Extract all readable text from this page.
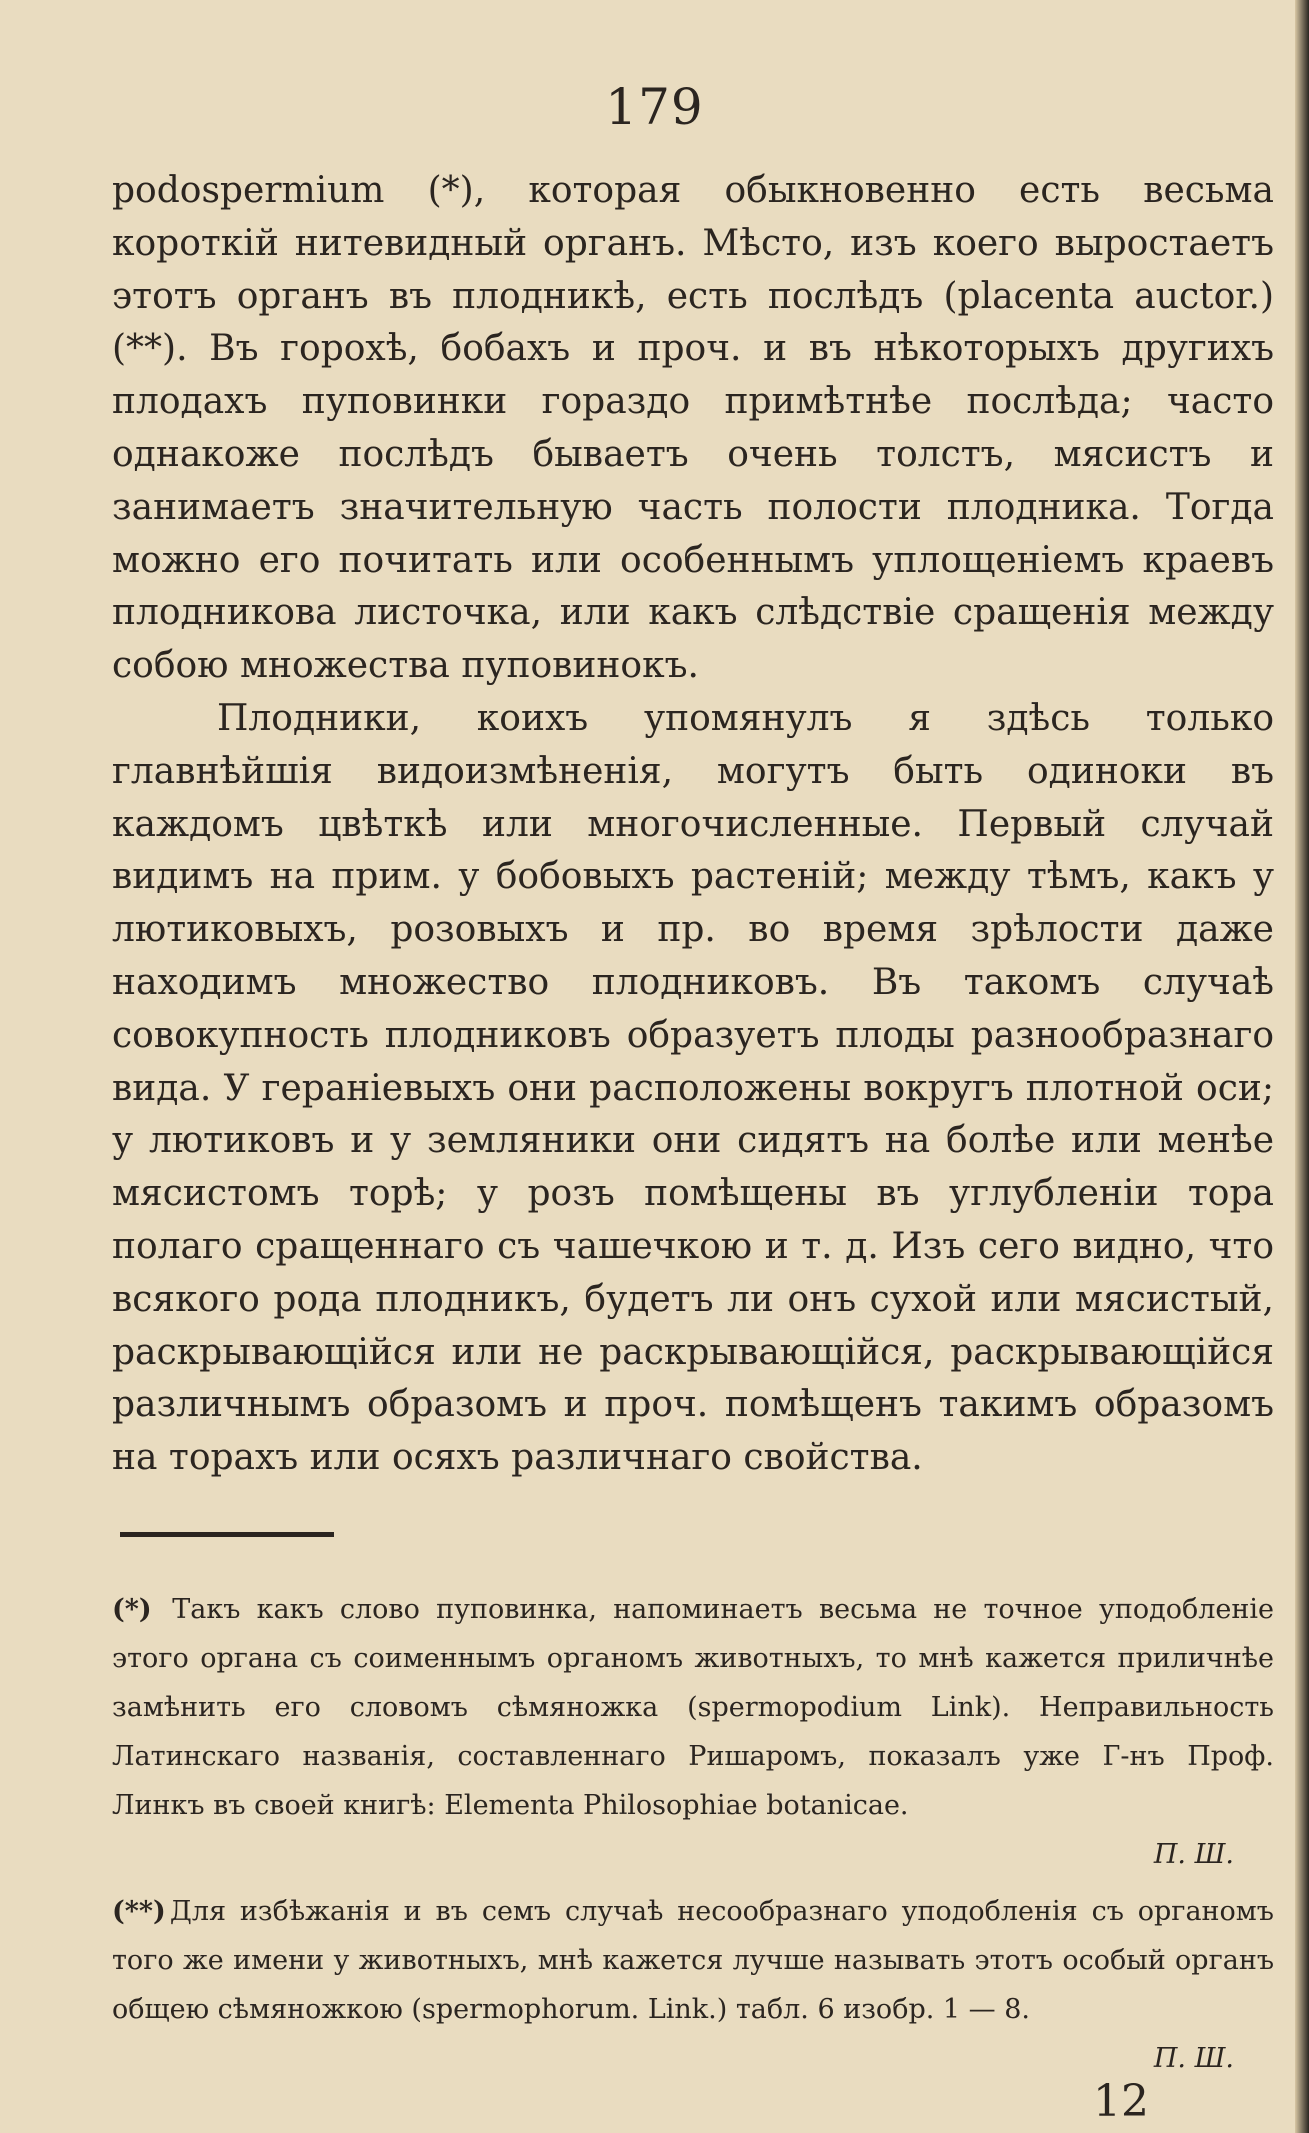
179

podospermium (*), которая обыкновенно есть весьма короткій нитевидный органъ. Мѣсто, изъ коего выростаетъ этотъ органъ въ плодникѣ, есть послѣдъ (placenta auctor.) (**). Въ горохѣ, бобахъ и проч. и въ нѣкоторыхъ другихъ плодахъ пуповинки гораздо примѣтнѣе послѣда; часто однакоже послѣдъ бываетъ очень толстъ, мясистъ и занимаетъ значительную часть полости плодника. Тогда можно его почитать или особеннымъ уплощеніемъ краевъ плодникова листочка, или какъ слѣдствіе сращенія между собою множества пуповинокъ.

Плодники, коихъ упомянулъ я здѣсь только главнѣйшія видоизмѣненія, могутъ быть одиноки въ каждомъ цвѣткѣ или многочисленные. Первый случай видимъ на прим. у бобовыхъ растеній; между тѣмъ, какъ у лютиковыхъ, розовыхъ и пр. во время зрѣлости даже находимъ множество плодниковъ. Въ такомъ случаѣ совокупность плодниковъ образуетъ плоды разнообразнаго вида. У гераніевыхъ они расположены вокругъ плотной оси; у лютиковъ и у земляники они сидятъ на болѣе или менѣе мясистомъ торѣ; у розъ помѣщены въ углубленіи тора полаго сращеннаго съ чашечкою и т. д. Изъ сего видно, что всякого рода плодникъ, будетъ ли онъ сухой или мясистый, раскрывающійся или не раскрывающійся, раскрывающійся различнымъ образомъ и проч. помѣщенъ такимъ образомъ на торахъ или осяхъ различнаго свойства.

(*) Такъ какъ слово пуповинка, напоминаетъ весьма не точное уподобленіе этого органа съ соименнымъ органомъ животныхъ, то мнѣ кажется приличнѣе замѣнить его словомъ сѣмяножка (spermopodium Link). Неправильность Латинскаго названія, составленнаго Ришаромъ, показалъ уже Г-нъ Проф. Линкъ въ своей книгѣ: Elementa Philosophiae botanicae.
П. Ш.
(**) Для избѣжанія и въ семъ случаѣ несообразнаго уподобленія съ органомъ того же имени у животныхъ, мнѣ кажется лучше называть этотъ особый органъ общею сѣмяножкою (spermophorum. Link.) табл. 6 изобр. 1 — 8.
П. Ш.
12
